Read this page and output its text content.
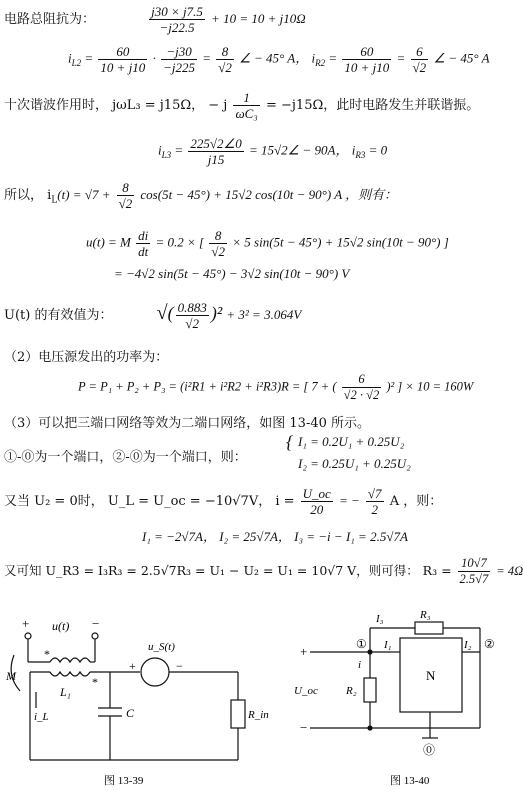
电路总阻抗为：	$\frac{j30 \times j7.5}{-j22.5} + 10 = 10 + j10\Omega$
$i_{L2} = \frac{60}{10 + j10} \cdot \frac{-j30}{-j225} = \frac{8}{√2}$ ∠ − 45° A， $i_{R2} = \frac{60}{10 + j10} = \frac{6}{√2}$ ∠ − 45° A
十次谐波作用时， jωL₃ = j15Ω， − j $\frac{1}{\text{ωC₃}} = -j15\Omega$，此时电路发生并联谐振。
$i_{L3} = \frac{225√2\angle 0}{j15}$ = 15√2∠ − 90A， $i_{R3} = 0$
所以， $i_L(t) = √7 + \frac{8}{√2} \cos(5t - 45^\circ) + 15√2$ cos(10t − 90°) A ，则有：
u(t) = M $\frac{di}{dt} = 0.2$ × [ $\frac{8}{√2} \times 5$ sin(5t − 45°) + 15√2 sin(10t − 90°) ]
= −4√2 sin(5t − 45°) − 3√2 sin(10t − 90°) V
U(t) 的有效值为： √( $\frac{0.883}{√2} )^2 + 3^2 = 3.064V$
（2）电压源发出的功率为：
P = P₁ + P₂ + P₃ = (i²R1 + i²R2 + i²R3)R = [ 7 + ( $\frac{6}{√2 \cdot √2} )^2$ ] × 10 = 160W
（3）可以把三端口网络等效为二端口网络，如图 13-40 所示。
①-⓪为一个端口，②-⓪为一个端口，则：
{ I₁ = 0.2U₁ + 0.25U₂
I₂ = 0.25U₁ + 0.25U₂
又当 U₂ = 0时， U_L = U_oc = −10√7V， $i = \frac{U\_oc}{20}$ = − $\frac{√7}{2}$ A ，则：
I₁ = −2√7A， I₂ = 25√7A， I₃ = −i − I₁ = 2.5√7A
又可知 U_R3 = I₃R₃ = 2.5√7R₃ = U₁ − U₂ = U₁ = 10√7 V，则可得： $R_3 = \frac{10√7}{2.5√7} = 4\Omega$
+	−
u(t)
M
L₁
*
*
i_L	C
u_S(t)
+	−
R_in
图 13-39
I₃	R₃
①	②
⓪
I₁	I₂
i
R₂
N
U_oc
+
−
图 13-40
